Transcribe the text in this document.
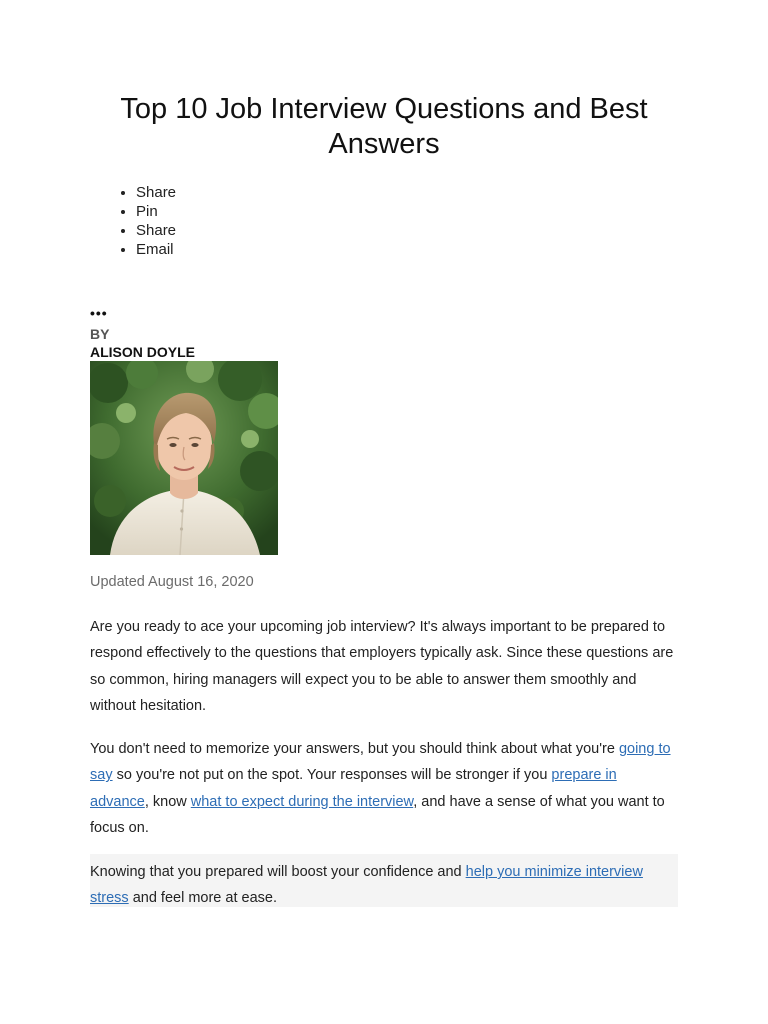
Top 10 Job Interview Questions and Best Answers
• Share
• Pin
• Share
• Email
•••
BY
ALISON DOYLE
Updated August 16, 2020

Are you ready to ace your upcoming job interview? It's always important to be prepared to respond effectively to the questions that employers typically ask. Since these questions are so common, hiring managers will expect you to be able to answer them smoothly and without hesitation.

You don't need to memorize your answers, but you should think about what you're going to say so you're not put on the spot. Your responses will be stronger if you prepare in advance, know what to expect during the interview, and have a sense of what you want to focus on.

Knowing that you prepared will boost your confidence and help you minimize interview stress and feel more at ease.
